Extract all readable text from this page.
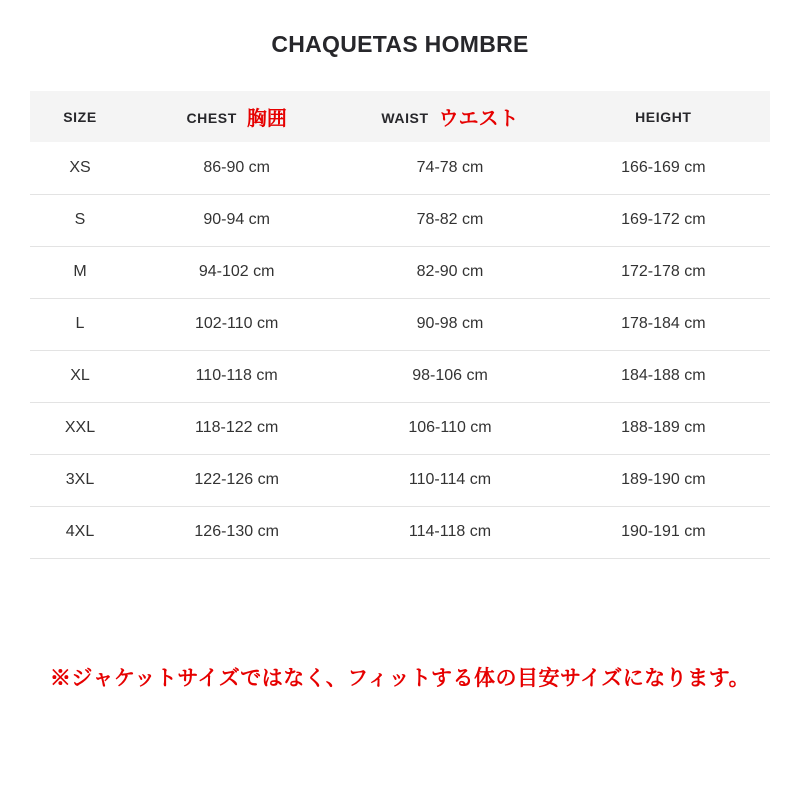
CHAQUETAS HOMBRE
SIZE	CHEST 胸囲	WAIST ウエスト	HEIGHT
XS	86-90 cm	74-78 cm	166-169 cm
S	90-94 cm	78-82 cm	169-172 cm
M	94-102 cm	82-90 cm	172-178 cm
L	102-110 cm	90-98 cm	178-184 cm
XL	110-118 cm	98-106 cm	184-188 cm
XXL	118-122 cm	106-110 cm	188-189 cm
3XL	122-126 cm	110-114 cm	189-190 cm
4XL	126-130 cm	114-118 cm	190-191 cm

※ジャケットサイズではなく、フィットする体の目安サイズになります。
